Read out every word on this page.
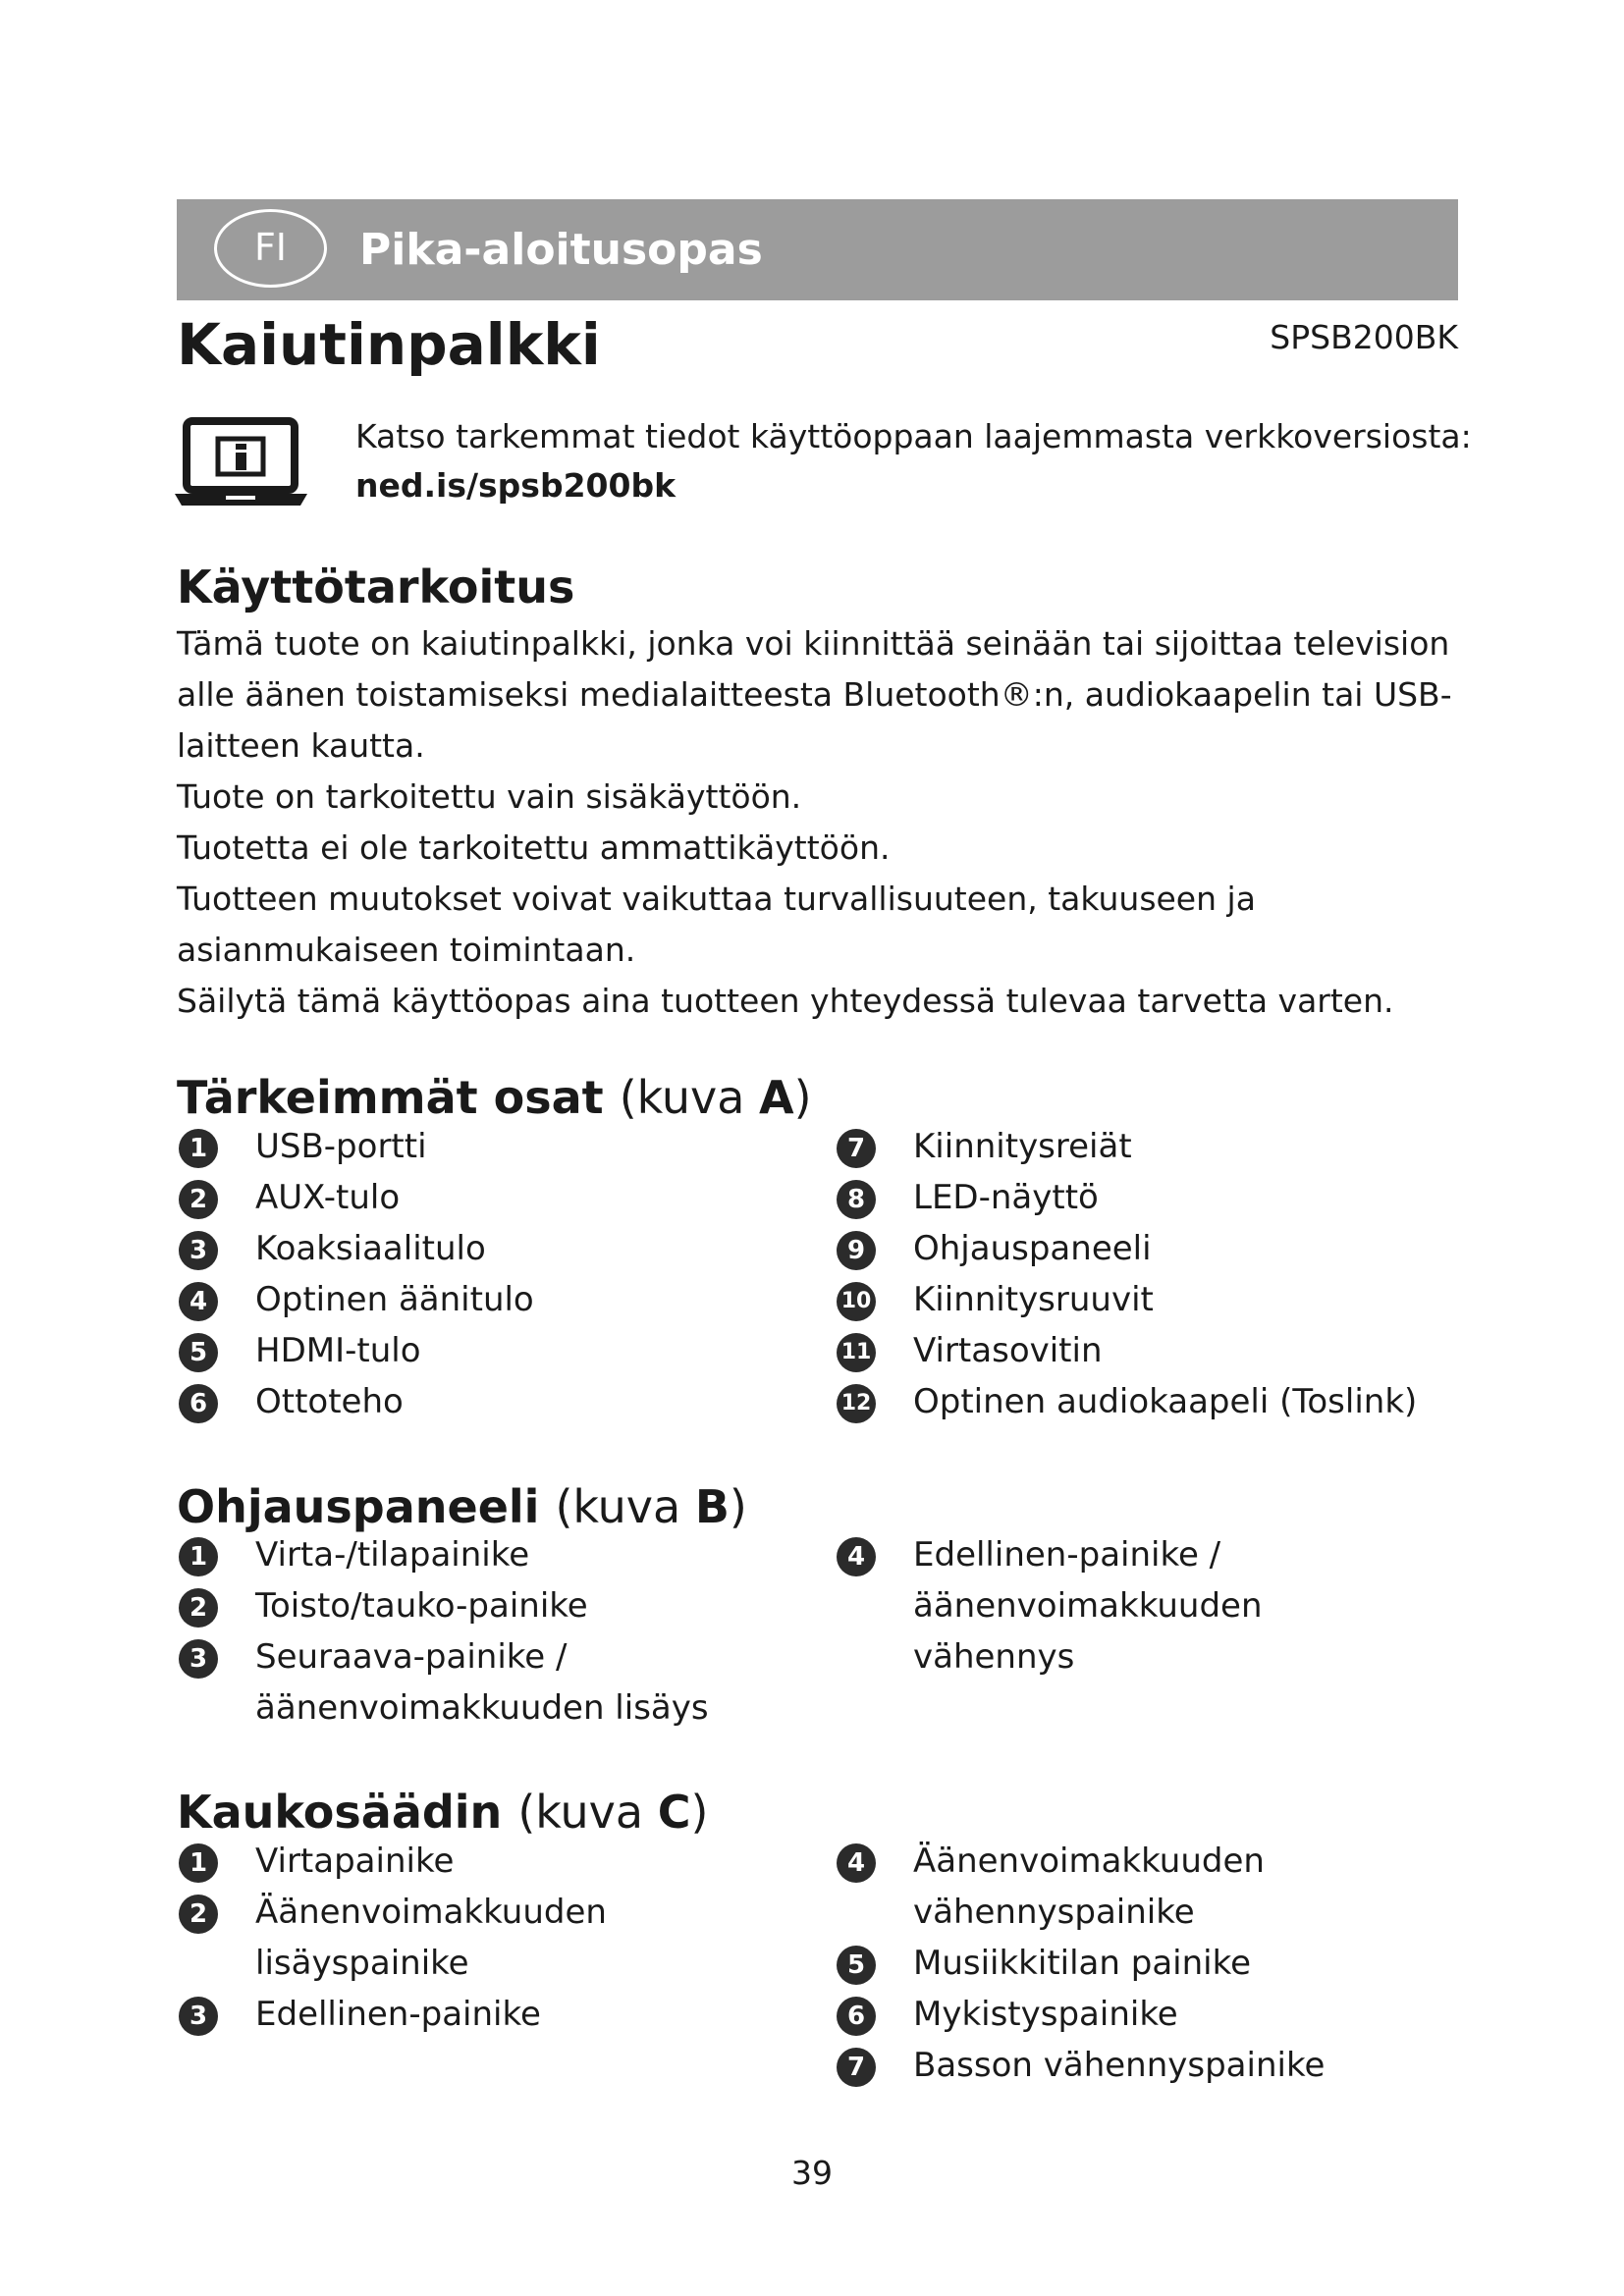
FI	Pika-aloitusopas
Kaiutinpalkki	SPSB200BK
Katso tarkemmat tiedot käyttöoppaan laajemmasta verkkoversiosta:
ned.is/spsb200bk
Käyttötarkoitus

Tämä tuote on kaiutinpalkki, jonka voi kiinnittää seinään tai sijoittaa television alle äänen toistamiseksi medialaitteesta Bluetooth®:n, audiokaapelin tai USB-laitteen kautta.

Tuote on tarkoitettu vain sisäkäyttöön.

Tuotetta ei ole tarkoitettu ammattikäyttöön.

Tuotteen muutokset voivat vaikuttaa turvallisuuteen, takuuseen ja asianmukaiseen toimintaan.

Säilytä tämä käyttöopas aina tuotteen yhteydessä tulevaa tarvetta varten.

Tärkeimmät osat (kuva A)
1	USB-portti
2	AUX-tulo
3	Koaksiaalitulo
4	Optinen äänitulo
5	HDMI-tulo
6	Ottoteho
7	Kiinnitysreiät
8	LED-näyttö
9	Ohjauspaneeli
10 Kiinnitysruuvit
11 Virtasovitin
12 Optinen audiokaapeli (Toslink)
Ohjauspaneeli (kuva B)
1	Virta-/tilapainike
2	Toisto/tauko-painike
3	Seuraava-painike / äänenvoimakkuuden lisäys
4	Edellinen-painike / äänenvoimakkuuden vähennys
Kaukosäädin (kuva C)
1	Virtapainike
2	Äänenvoimakkuuden lisäyspainike
3	Edellinen-painike
4	Äänenvoimakkuuden vähennyspainike
5	Musiikkitilan painike
6	Mykistyspainike
7	Basson vähennyspainike
39
